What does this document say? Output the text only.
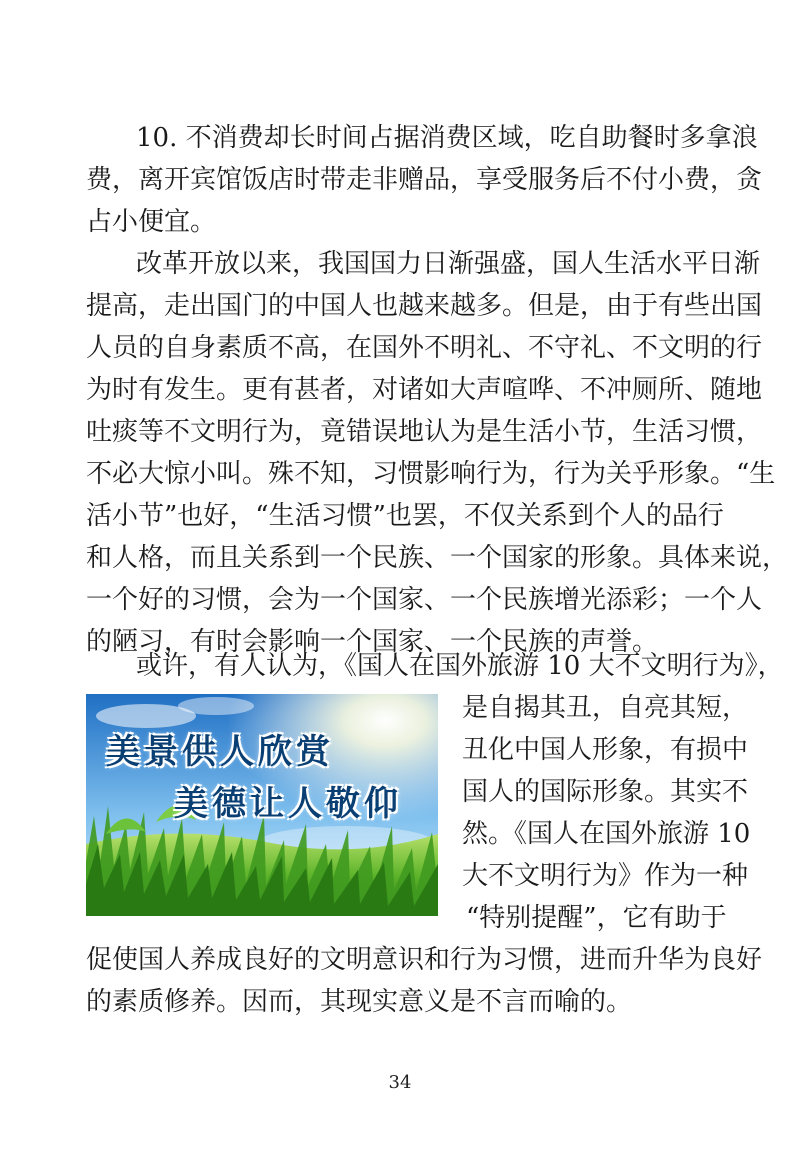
10. 不消费却长时间占据消费区域，吃自助餐时多拿浪
费，离开宾馆饭店时带走非赠品，享受服务后不付小费，贪
占小便宜。
改革开放以来，我国国力日渐强盛，国人生活水平日渐
提高，走出国门的中国人也越来越多。但是，由于有些出国
人员的自身素质不高，在国外不明礼、不守礼、不文明的行
为时有发生。更有甚者，对诸如大声喧哗、不冲厕所、随地
吐痰等不文明行为，竟错误地认为是生活小节，生活习惯，
不必大惊小叫。殊不知，习惯影响行为，行为关乎形象。“生
活小节”也好，“生活习惯”也罢，不仅关系到个人的品行
和人格，而且关系到一个民族、一个国家的形象。具体来说，
一个好的习惯，会为一个国家、一个民族增光添彩；一个人
的陋习，有时会影响一个国家、一个民族的声誉。
或许，有人认为，《国人在国外旅游 10 大不文明行为》，
美景供人欣赏
美德让人敬仰
是自揭其丑，自亮其短，
丑化中国人形象，有损中
国人的国际形象。其实不
然。《国人在国外旅游 10
大不文明行为》作为一种
“特别提醒”，它有助于
促使国人养成良好的文明意识和行为习惯，进而升华为良好
的素质修养。因而，其现实意义是不言而喻的。
34
